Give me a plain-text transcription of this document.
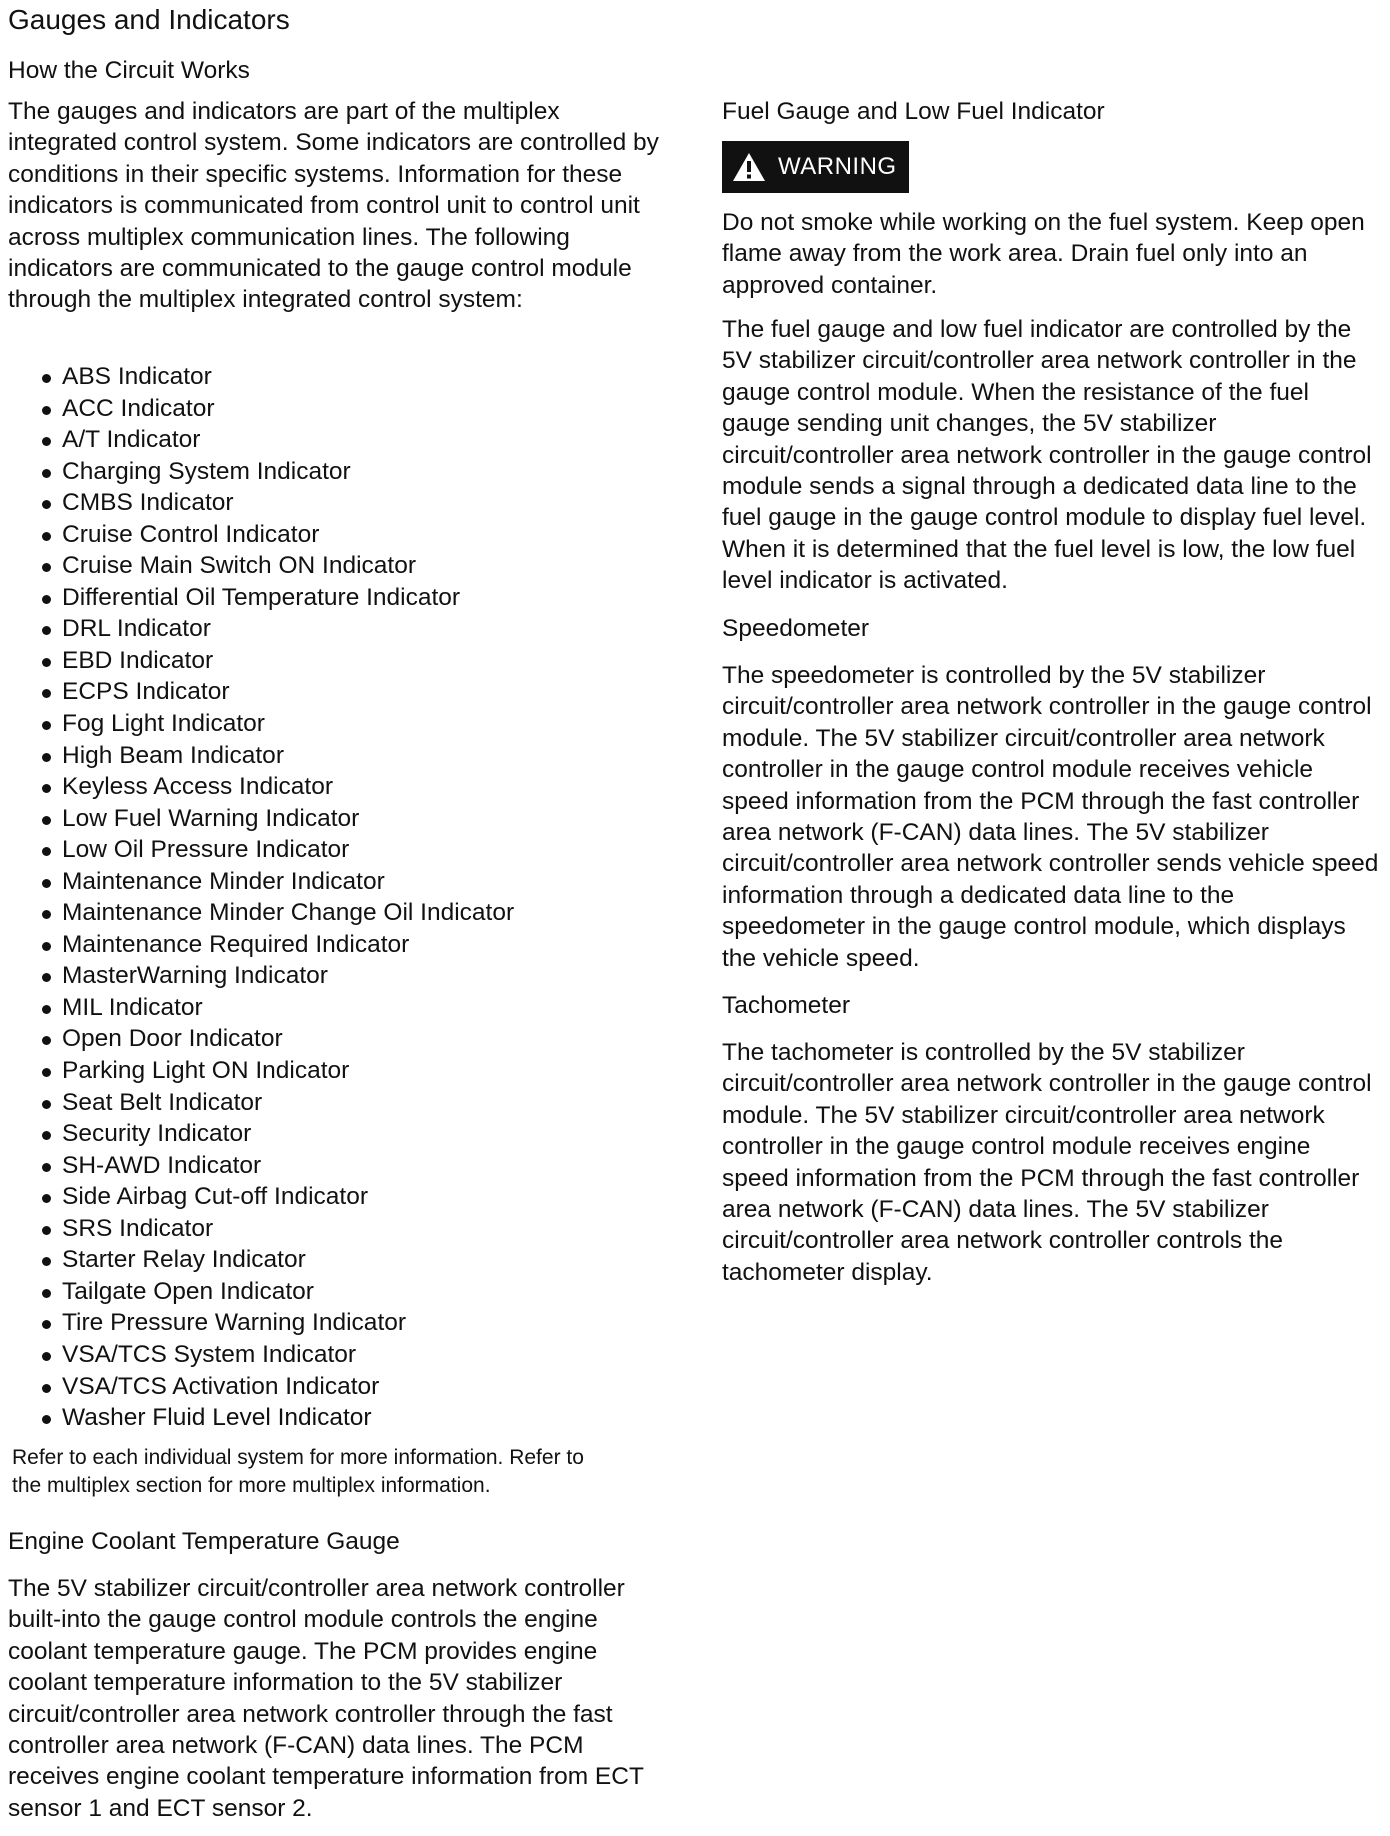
Gauges and Indicators
How the Circuit Works

The gauges and indicators are part of the multiplex integrated control system. Some indicators are controlled by conditions in their specific systems. Information for these indicators is communicated from control unit to control unit across multiplex communication lines. The following indicators are communicated to the gauge control module through the multiplex integrated control system:

ABS Indicator
ACC Indicator
A/T Indicator
Charging System Indicator
CMBS Indicator
Cruise Control Indicator
Cruise Main Switch ON Indicator
Differential Oil Temperature Indicator
DRL Indicator
EBD Indicator
ECPS Indicator
Fog Light Indicator
High Beam Indicator
Keyless Access Indicator
Low Fuel Warning Indicator
Low Oil Pressure Indicator
Maintenance Minder Indicator
Maintenance Minder Change Oil Indicator
Maintenance Required Indicator
MasterWarning Indicator
MIL Indicator
Open Door Indicator
Parking Light ON Indicator
Seat Belt Indicator
Security Indicator
SH-AWD Indicator
Side Airbag Cut-off Indicator
SRS Indicator
Starter Relay Indicator
Tailgate Open Indicator
Tire Pressure Warning Indicator
VSA/TCS System Indicator
VSA/TCS Activation Indicator
Washer Fluid Level Indicator

Refer to each individual system for more information. Refer to

the multiplex section for more multiplex information.

Engine Coolant Temperature Gauge

The 5V stabilizer circuit/controller area network controller built-into the gauge control module controls the engine coolant temperature gauge. The PCM provides engine coolant temperature information to the 5V stabilizer circuit/controller area network controller through the fast controller area network (F-CAN) data lines. The PCM receives engine coolant temperature information from ECT sensor 1 and ECT sensor 2.

Fuel Gauge and Low Fuel Indicator
WARNING

Do not smoke while working on the fuel system. Keep open flame away from the work area. Drain fuel only into an approved container.

The fuel gauge and low fuel indicator are controlled by the 5V stabilizer circuit/controller area network controller in the gauge control module. When the resistance of the fuel gauge sending unit changes, the 5V stabilizer circuit/controller area network controller in the gauge control module sends a signal through a dedicated data line to the fuel gauge in the gauge control module to display fuel level. When it is determined that the fuel level is low, the low fuel level indicator is activated.

Speedometer

The speedometer is controlled by the 5V stabilizer circuit/controller area network controller in the gauge control module. The 5V stabilizer circuit/controller area network controller in the gauge control module receives vehicle speed information from the PCM through the fast controller area network (F-CAN) data lines. The 5V stabilizer circuit/controller area network controller sends vehicle speed information through a dedicated data line to the speedometer in the gauge control module, which displays the vehicle speed.

Tachometer

The tachometer is controlled by the 5V stabilizer circuit/controller area network controller in the gauge control module. The 5V stabilizer circuit/controller area network controller in the gauge control module receives engine speed information from the PCM through the fast controller area network (F-CAN) data lines. The 5V stabilizer circuit/controller area network controller controls the tachometer display.
